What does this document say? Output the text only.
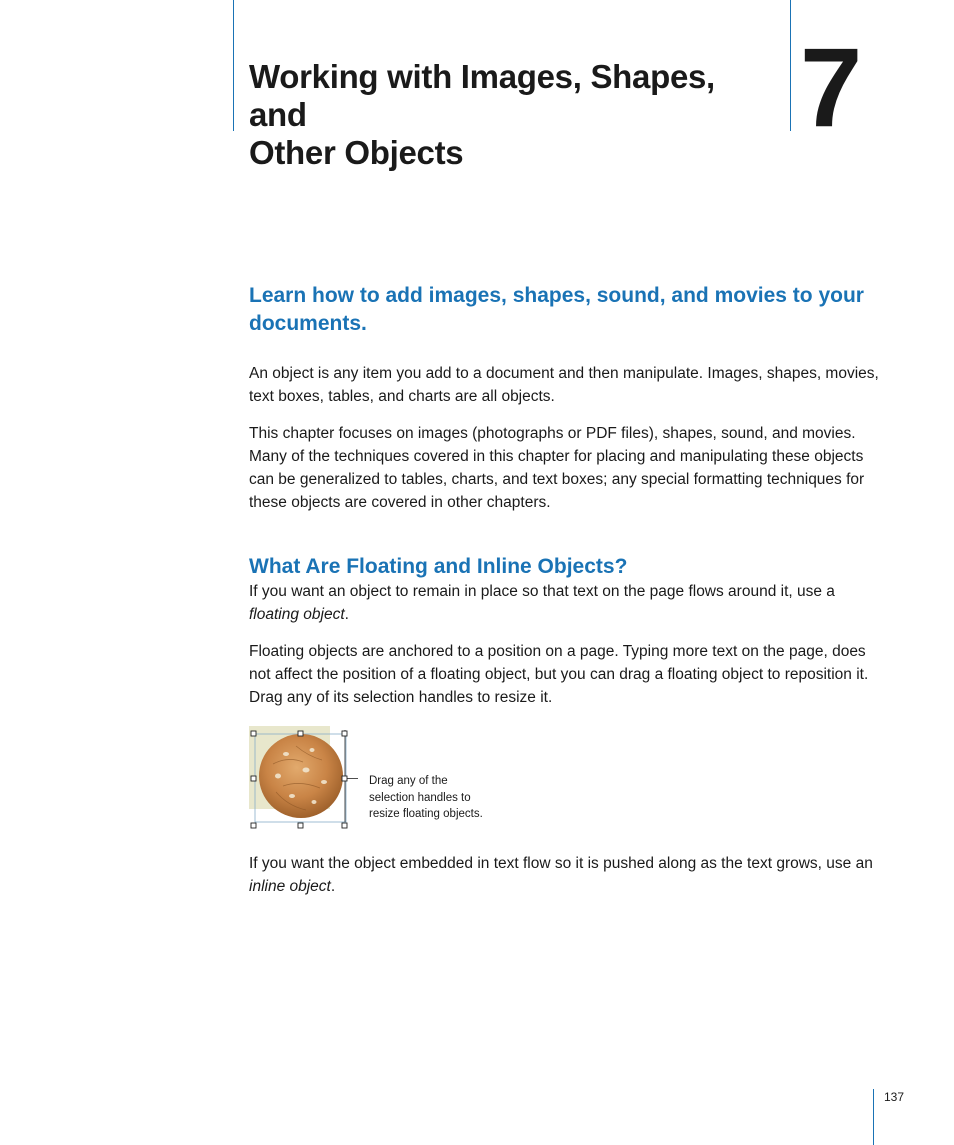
Working with Images, Shapes, and
Other Objects
7
Learn how to add images, shapes, sound, and movies to your documents.

An object is any item you add to a document and then manipulate. Images, shapes, movies, text boxes, tables, and charts are all objects.

This chapter focuses on images (photographs or PDF files), shapes, sound, and movies. Many of the techniques covered in this chapter for placing and manipulating these objects can be generalized to tables, charts, and text boxes; any special formatting techniques for these objects are covered in other chapters.

What Are Floating and Inline Objects?

If you want an object to remain in place so that text on the page flows around it, use a floating object.

Floating objects are anchored to a position on a page. Typing more text on the page, does not affect the position of a floating object, but you can drag a floating object to reposition it. Drag any of its selection handles to resize it.

Drag any of the
selection handles to
resize floating objects.

If you want the object embedded in text flow so it is pushed along as the text grows, use an inline object.

137
